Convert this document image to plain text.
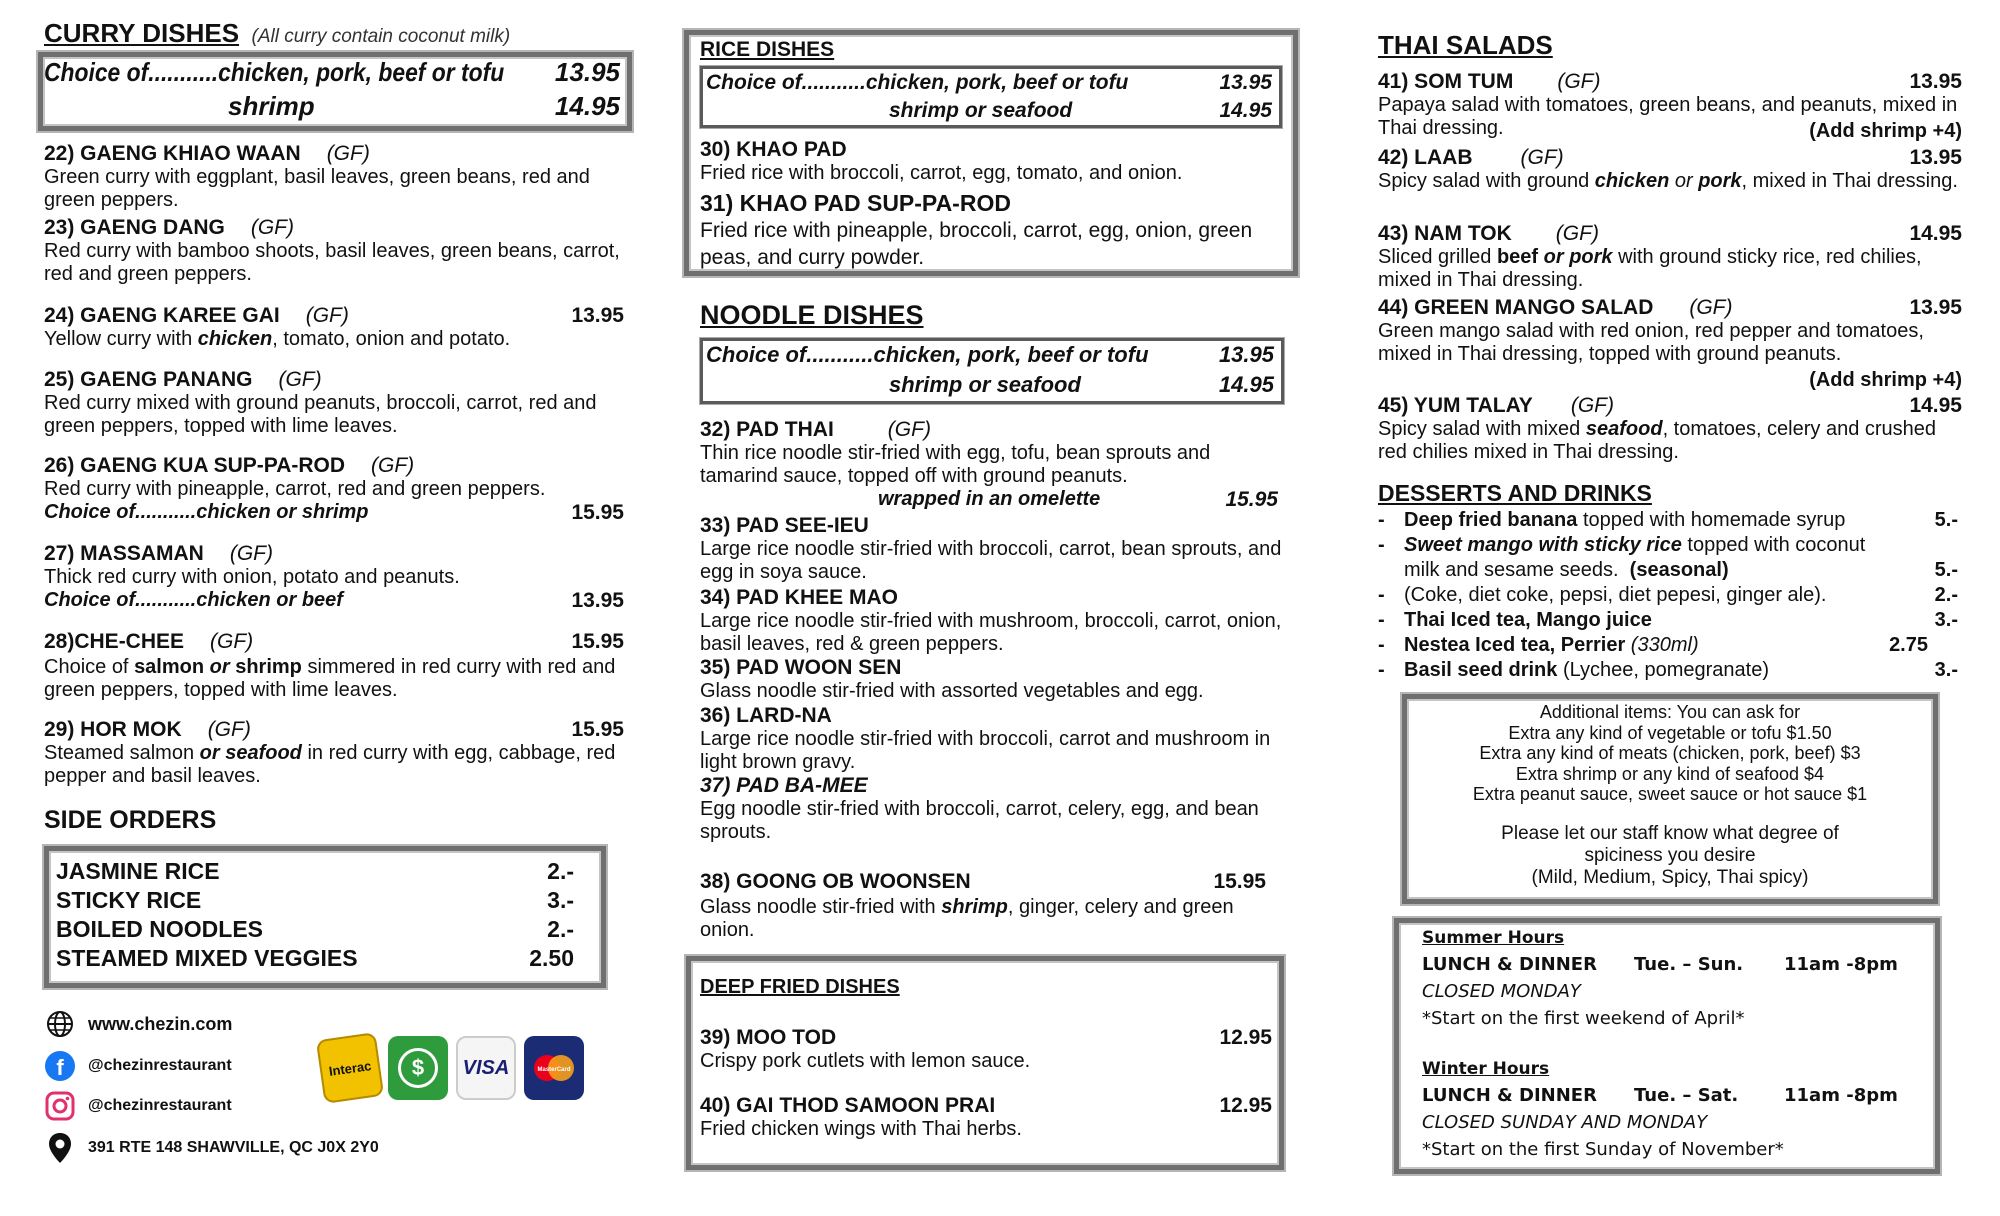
CURRY DISHES (All curry contain coconut milk)
Choice of...........chicken, pork, beef or tofu 13.95
shrimp	14.95
22) GAENG KHIAO WAAN (GF)
Green curry with eggplant, basil leaves, green beans, red and green peppers.
23) GAENG DANG (GF)
Red curry with bamboo shoots, basil leaves, green beans, carrot, red and green peppers.
24) GAENG KAREE GAI (GF)	13.95
Yellow curry with chicken, tomato, onion and potato.
25) GAENG PANANG (GF)
Red curry mixed with ground peanuts, broccoli, carrot, red and green peppers, topped with lime leaves.
26) GAENG KUA SUP-PA-ROD (GF)
Red curry with pineapple, carrot, red and green peppers.
Choice of...........chicken or shrimp	15.95
27) MASSAMAN (GF)
Thick red curry with onion, potato and peanuts.
Choice of...........chicken or beef	13.95
28)CHE-CHEE (GF)	15.95
Choice of salmon or shrimp simmered in red curry with red and green peppers, topped with lime leaves.
29) HOR MOK (GF)	15.95
Steamed salmon or seafood in red curry with egg, cabbage, red pepper and basil leaves.
SIDE ORDERS
JASMINE RICE	2.-
STICKY RICE	3.-
BOILED NOODLES	2.-
STEAMED MIXED VEGGIES	2.50
www.chezin.com
f @chezinrestaurant
@chezinrestaurant
391 RTE 148 SHAWVILLE, QC J0X 2Y0
Interac	$	VISA	MasterCard
RICE DISHES
Choice of...........chicken, pork, beef or tofu	13.95
shrimp or seafood	14.95
30) KHAO PAD
Fried rice with broccoli, carrot, egg, tomato, and onion.
31) KHAO PAD SUP-PA-ROD
Fried rice with pineapple, broccoli, carrot, egg, onion, green peas, and curry powder.
NOODLE DISHES
Choice of...........chicken, pork, beef or tofu	13.95
shrimp or seafood	14.95
32) PAD THAI	(GF)
Thin rice noodle stir-fried with egg, tofu, bean sprouts and tamarind sauce, topped off with ground peanuts.
wrapped in an omelette	15.95
33) PAD SEE-IEU
Large rice noodle stir-fried with broccoli, carrot, bean sprouts, and egg in soya sauce.
34) PAD KHEE MAO
Large rice noodle stir-fried with mushroom, broccoli, carrot, onion, basil leaves, red & green peppers.
35) PAD WOON SEN
Glass noodle stir-fried with assorted vegetables and egg.
36) LARD-NA
Large rice noodle stir-fried with broccoli, carrot and mushroom in light brown gravy.
37) PAD BA-MEE
Egg noodle stir-fried with broccoli, carrot, celery, egg, and bean sprouts.
38) GOONG OB WOONSEN	15.95
Glass noodle stir-fried with shrimp, ginger, celery and green onion.
DEEP FRIED DISHES
39) MOO TOD	12.95
Crispy pork cutlets with lemon sauce.
40) GAI THOD SAMOON PRAI	12.95
Fried chicken wings with Thai herbs.
THAI SALADS
41) SOM TUM (GF)	13.95
Papaya salad with tomatoes, green beans, and peanuts, mixed in Thai dressing.	(Add shrimp +4)
42) LAAB (GF)	13.95
Spicy salad with ground chicken or pork, mixed in Thai dressing.
43) NAM TOK (GF)	14.95
Sliced grilled beef or pork with ground sticky rice, red chilies, mixed in Thai dressing.
44) GREEN MANGO SALAD (GF)	13.95
Green mango salad with red onion, red pepper and tomatoes, mixed in Thai dressing, topped with ground peanuts.
(Add shrimp +4)
45) YUM TALAY (GF)	14.95
Spicy salad with mixed seafood, tomatoes, celery and crushed red chilies mixed in Thai dressing.
DESSERTS AND DRINKS
- Deep fried banana topped with homemade syrup	5.-
- Sweet mango with sticky rice topped with coconut
milk and sesame seeds. (seasonal)	5.-
- (Coke, diet coke, pepsi, diet pepesi, ginger ale).	2.-
- Thai Iced tea, Mango juice	3.-
- Nestea Iced tea, Perrier (330ml)	2.75
- Basil seed drink (Lychee, pomegranate)	3.-
Additional items: You can ask for
Extra any kind of vegetable or tofu $1.50
Extra any kind of meats (chicken, pork, beef) $3
Extra shrimp or any kind of seafood $4
Extra peanut sauce, sweet sauce or hot sauce $1
Please let our staff know what degree of
spiciness you desire
(Mild, Medium, Spicy, Thai spicy)
Summer Hours
LUNCH & DINNER Tue. – Sun. 11am -8pm
CLOSED MONDAY
*Start on the first weekend of April*
Winter Hours
LUNCH & DINNER Tue. – Sat.	11am -8pm
CLOSED SUNDAY AND MONDAY
*Start on the first Sunday of November*
